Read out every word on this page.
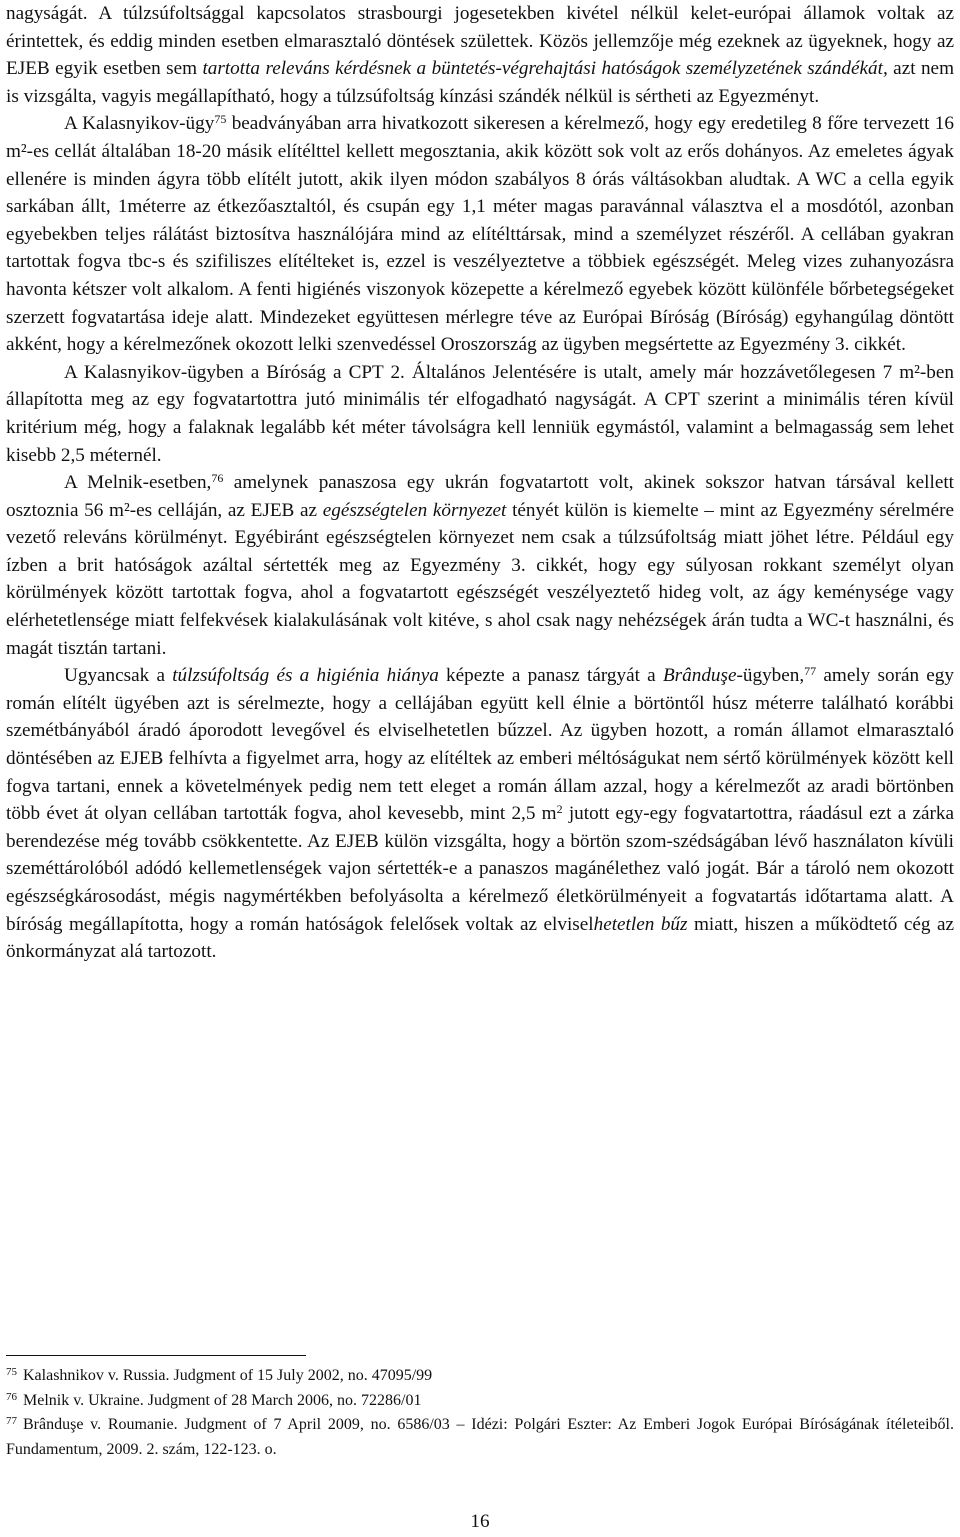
nagyságát. A túlzsúfoltsággal kapcsolatos strasbourgi jogesetekben kivétel nélkül kelet-európai államok voltak az érintettek, és eddig minden esetben elmarasztaló döntések születtek. Közös jellemzője még ezeknek az ügyeknek, hogy az EJEB egyik esetben sem tartotta releváns kérdésnek a büntetés-végrehajtási hatóságok személyzetének szándékát, azt nem is vizsgálta, vagyis megállapítható, hogy a túlzsúfoltság kínzási szándék nélkül is sértheti az Egyezményt.

A Kalasnyikov-ügy$^{75}$ beadványában arra hivatkozott sikeresen a kérelmező, hogy egy eredetileg 8 főre tervezett 16 m²-es cellát általában 18-20 másik elítélttel kellett megosztania, akik között sok volt az erős dohányos. Az emeletes ágyak ellenére is minden ágyra több elítélt jutott, akik ilyen módon szabályos 8 órás váltásokban aludtak. A WC a cella egyik sarkában állt, 1méterre az étkezőasztaltól, és csupán egy 1,1 méter magas paravánnal választva el a mosdótól, azonban egyebekben teljes rálátást biztosítva használójára mind az elítélttársak, mind a személyzet részéről. A cellában gyakran tartottak fogva tbc-s és szifiliszes elítélteket is, ezzel is veszélyeztetve a többiek egészségét. Meleg vizes zuhanyozásra havonta kétszer volt alkalom. A fenti higiénés viszonyok közepette a kérelmező egyebek között különféle bőrbetegségeket szerzett fogvatartása ideje alatt. Mindezeket együttesen mérlegre téve az Európai Bíróság (Bíróság) egyhangúlag döntött akként, hogy a kérelmezőnek okozott lelki szenvedéssel Oroszország az ügyben megsértette az Egyezmény 3. cikkét.

A Kalasnyikov-ügyben a Bíróság a CPT 2. Általános Jelentésére is utalt, amely már hozzávetőlegesen 7 m²-ben állapította meg az egy fogvatartottra jutó minimális tér elfogadható nagyságát. A CPT szerint a minimális téren kívül kritérium még, hogy a falaknak legalább két méter távolságra kell lenniük egymástól, valamint a belmagasság sem lehet kisebb 2,5 méternél.

A Melnik-esetben,$^{76}$ amelynek panaszosa egy ukrán fogvatartott volt, akinek sokszor hatvan társával kellett osztoznia 56 m²-es celláján, az EJEB az egészségtelen környezet tényét külön is kiemelte – mint az Egyezmény sérelmére vezető releváns körülményt. Egyébiránt egészségtelen környezet nem csak a túlzsúfoltság miatt jöhet létre. Például egy ízben a brit hatóságok azáltal sértették meg az Egyezmény 3. cikkét, hogy egy súlyosan rokkant személyt olyan körülmények között tartottak fogva, ahol a fogvatartott egészségét veszélyeztető hideg volt, az ágy keménysége vagy elérhetetlensége miatt felfekvések kialakulásának volt kitéve, s ahol csak nagy nehézségek árán tudta a WC-t használni, és magát tisztán tartani.

Ugyancsak a túlzsúfoltság és a higiénia hiánya képezte a panasz tárgyát a Brânduşe-ügyben,$^{77}$ amely során egy román elítélt ügyében azt is sérelmezte, hogy a cellájában együtt kell élnie a börtöntől húsz méterre található korábbi szemétbányából áradó áporodott levegővel és elviselhetetlen bűzzel. Az ügyben hozott, a román államot elmarasztaló döntésében az EJEB felhívta a figyelmet arra, hogy az elítéltek az emberi méltóságukat nem sértő körülmények között kell fogva tartani, ennek a követelmények pedig nem tett eleget a román állam azzal, hogy a kérelmezőt az aradi börtönben több évet át olyan cellában tartották fogva, ahol kevesebb, mint 2,5 $m^2$ jutott egy-egy fogvatartottra, ráadásul ezt a zárka berendezése még tovább csökkentette. Az EJEB külön vizsgálta, hogy a börtön szom-szédságában lévő használaton kívüli szeméttárolóból adódó kellemetlenségek vajon sértették-e a panaszos magánélethez való jogát. Bár a tároló nem okozott egészségkárosodást, mégis nagymértékben befolyásolta a kérelmező életkörülményeit a fogvatartás időtartama alatt. A bíróság megállapította, hogy a román hatóságok felelősek voltak az elviselhetetlen bűz miatt, hiszen a működtető cég az önkormányzat alá tartozott.

$^{75}$ Kalashnikov v. Russia. Judgment of 15 July 2002, no. 47095/99

$^{76}$ Melnik v. Ukraine. Judgment of 28 March 2006, no. 72286/01

$^{77}$ Brânduşe v. Roumanie. Judgment of 7 April 2009, no. 6586/03 – Idézi: Polgári Eszter: Az Emberi Jogok Európai Bíróságának ítéleteiből. Fundamentum, 2009. 2. szám, 122-123. o.

16
